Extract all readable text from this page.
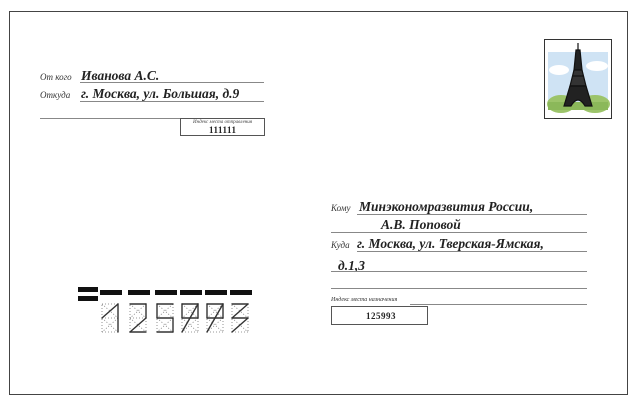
От кого Иванова А.С.
Откуда г. Москва, ул. Большая, д.9
Индекс места отправления
111111
Кому Минэкономразвития России,
А.В. Поповой
Куда г. Москва, ул. Тверская-Ямская,
д.1,3
Индекс места назначения
125993
